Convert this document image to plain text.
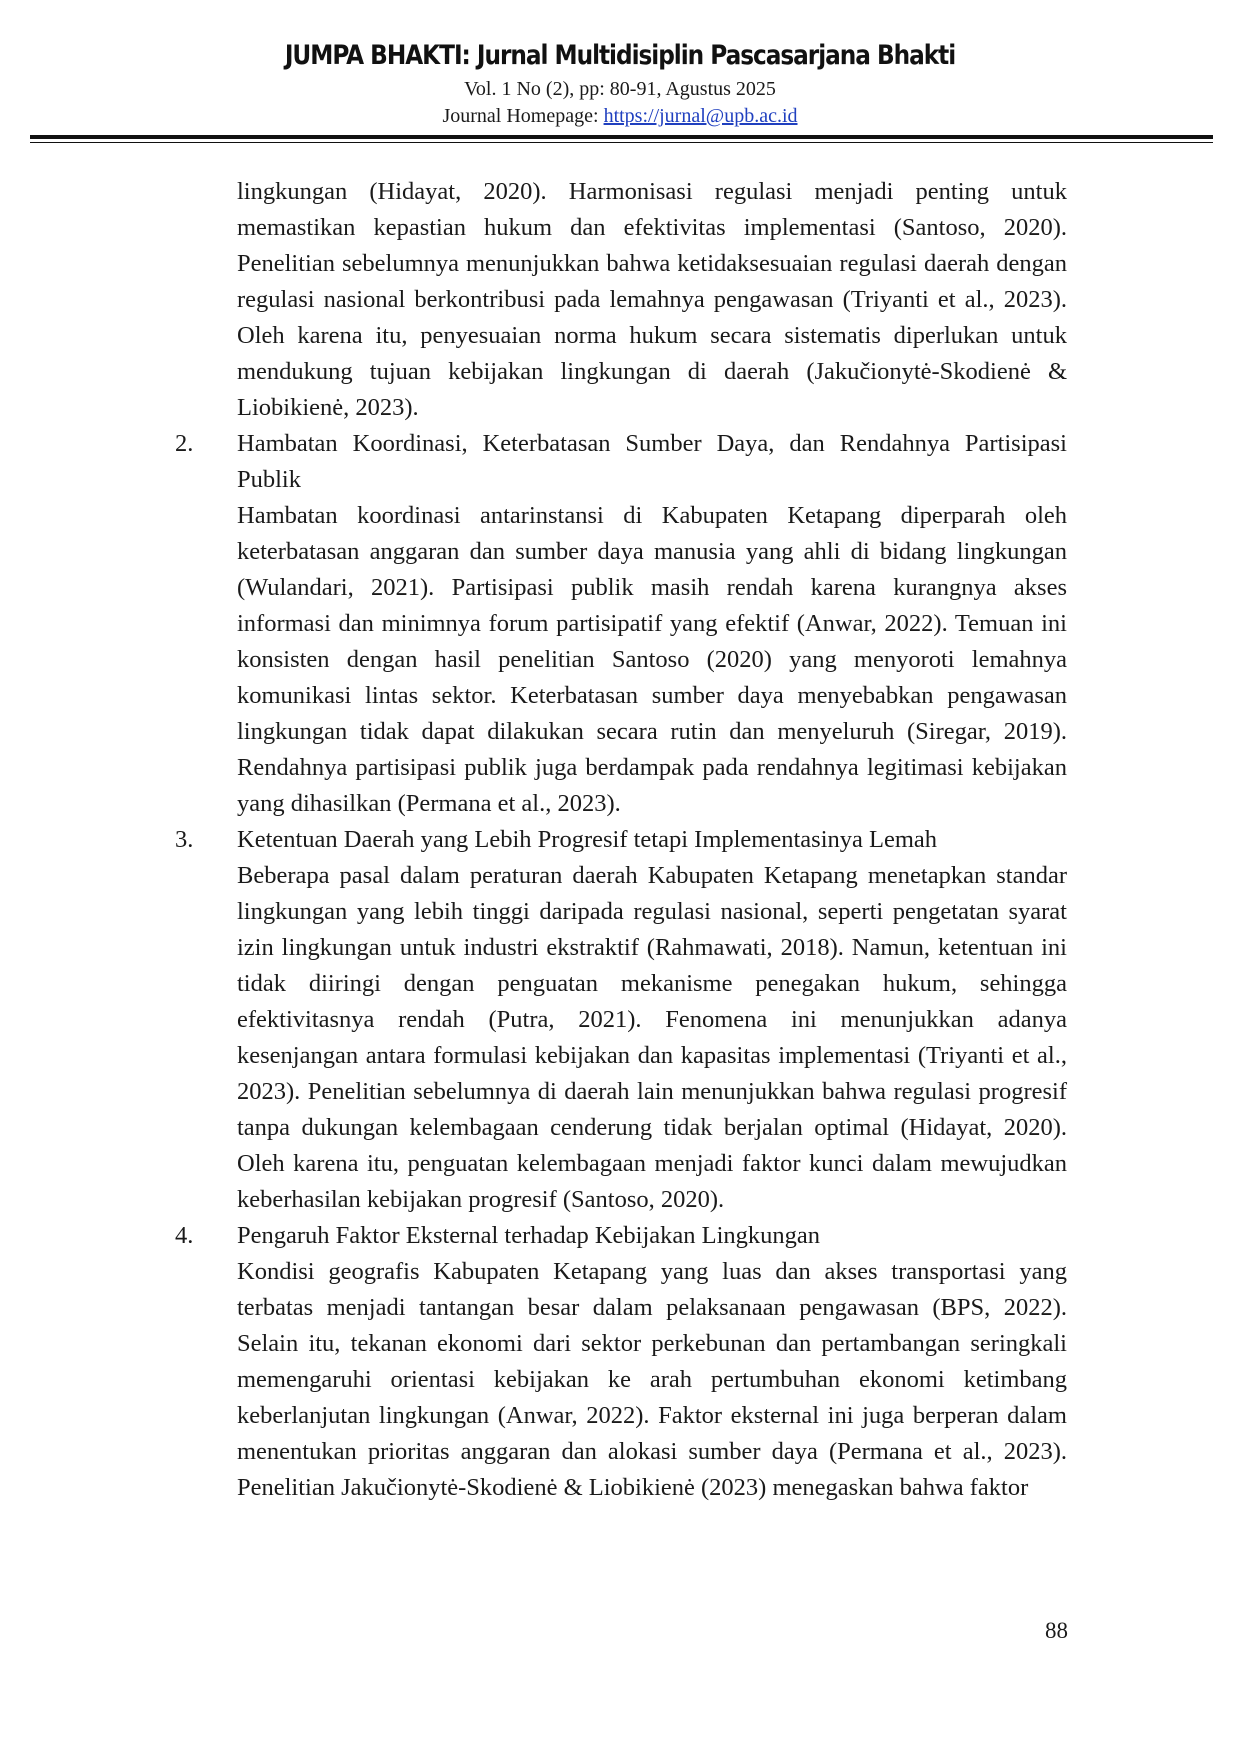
JUMPA BHAKTI: Jurnal Multidisiplin Pascasarjana Bhakti
Vol. 1 No (2), pp: 80-91, Agustus 2025
Journal Homepage: https://jurnal@upb.ac.id

lingkungan (Hidayat, 2020). Harmonisasi regulasi menjadi penting untuk memastikan kepastian hukum dan efektivitas implementasi (Santoso, 2020). Penelitian sebelumnya menunjukkan bahwa ketidaksesuaian regulasi daerah dengan regulasi nasional berkontribusi pada lemahnya pengawasan (Triyanti et al., 2023). Oleh karena itu, penyesuaian norma hukum secara sistematis diperlukan untuk mendukung tujuan kebijakan lingkungan di daerah (Jakučionytė-Skodienė & Liobikienė, 2023).

2. Hambatan Koordinasi, Keterbatasan Sumber Daya, dan Rendahnya Partisipasi Publik

Hambatan koordinasi antarinstansi di Kabupaten Ketapang diperparah oleh keterbatasan anggaran dan sumber daya manusia yang ahli di bidang lingkungan (Wulandari, 2021). Partisipasi publik masih rendah karena kurangnya akses informasi dan minimnya forum partisipatif yang efektif (Anwar, 2022). Temuan ini konsisten dengan hasil penelitian Santoso (2020) yang menyoroti lemahnya komunikasi lintas sektor. Keterbatasan sumber daya menyebabkan pengawasan lingkungan tidak dapat dilakukan secara rutin dan menyeluruh (Siregar, 2019). Rendahnya partisipasi publik juga berdampak pada rendahnya legitimasi kebijakan yang dihasilkan (Permana et al., 2023).

3. Ketentuan Daerah yang Lebih Progresif tetapi Implementasinya Lemah

Beberapa pasal dalam peraturan daerah Kabupaten Ketapang menetapkan standar lingkungan yang lebih tinggi daripada regulasi nasional, seperti pengetatan syarat izin lingkungan untuk industri ekstraktif (Rahmawati, 2018). Namun, ketentuan ini tidak diiringi dengan penguatan mekanisme penegakan hukum, sehingga efektivitasnya rendah (Putra, 2021). Fenomena ini menunjukkan adanya kesenjangan antara formulasi kebijakan dan kapasitas implementasi (Triyanti et al., 2023). Penelitian sebelumnya di daerah lain menunjukkan bahwa regulasi progresif tanpa dukungan kelembagaan cenderung tidak berjalan optimal (Hidayat, 2020). Oleh karena itu, penguatan kelembagaan menjadi faktor kunci dalam mewujudkan keberhasilan kebijakan progresif (Santoso, 2020).

4. Pengaruh Faktor Eksternal terhadap Kebijakan Lingkungan

Kondisi geografis Kabupaten Ketapang yang luas dan akses transportasi yang terbatas menjadi tantangan besar dalam pelaksanaan pengawasan (BPS, 2022). Selain itu, tekanan ekonomi dari sektor perkebunan dan pertambangan seringkali memengaruhi orientasi kebijakan ke arah pertumbuhan ekonomi ketimbang keberlanjutan lingkungan (Anwar, 2022). Faktor eksternal ini juga berperan dalam menentukan prioritas anggaran dan alokasi sumber daya (Permana et al., 2023). Penelitian Jakučionytė-Skodienė & Liobikienė (2023) menegaskan bahwa faktor

88
